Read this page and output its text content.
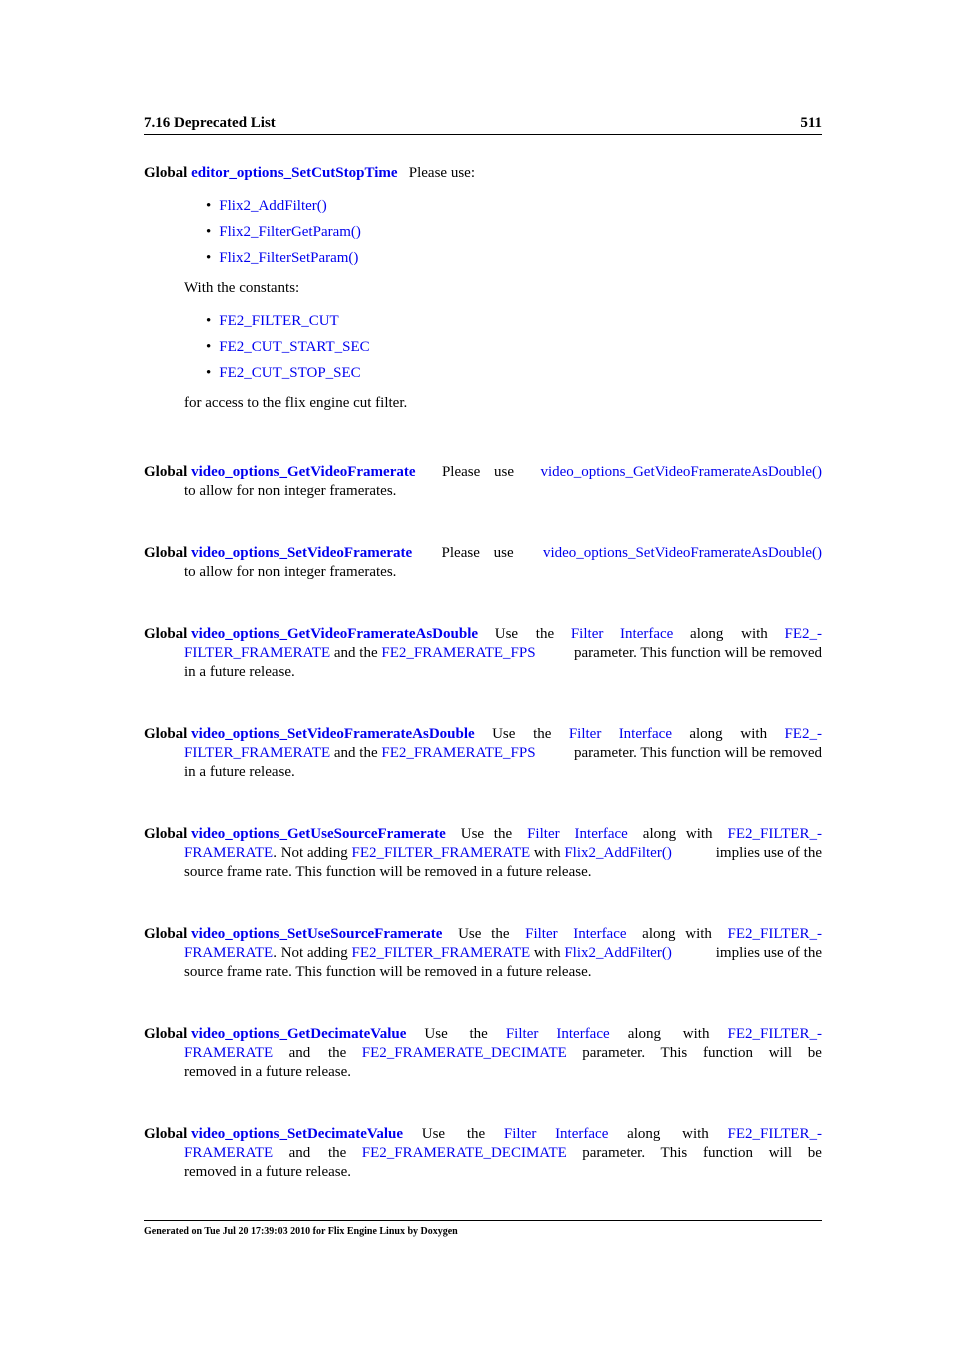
7.16 Deprecated List	511

Global editor_options_SetCutStopTime Please use:

• Flix2_AddFilter()
• Flix2_FilterGetParam()
• Flix2_FilterSetParam()

With the constants:

• FE2_FILTER_CUT
• FE2_CUT_START_SEC
• FE2_CUT_STOP_SEC

for access to the flix engine cut filter.

Global video_options_GetVideoFramerate Please use video_options_GetVideoFramerateAsDouble()

to allow for non integer framerates.

Global video_options_SetVideoFramerate Please use video_options_SetVideoFramerateAsDouble()

to allow for non integer framerates.

Global video_options_GetVideoFramerateAsDouble Use the Filter Interface along with FE2_-

FILTER_FRAMERATE and the FE2_FRAMERATE_FPS	parameter. This function will be removed

in a future release.

Global video_options_SetVideoFramerateAsDouble Use the Filter Interface along with FE2_-

FILTER_FRAMERATE and the FE2_FRAMERATE_FPS	parameter. This function will be removed

in a future release.

Global video_options_GetUseSourceFramerate Use the Filter Interface along with FE2_FILTER_-

FRAMERATE. Not adding FE2_FILTER_FRAMERATE with Flix2_AddFilter()	implies use of the

source frame rate. This function will be removed in a future release.

Global video_options_SetUseSourceFramerate Use the Filter Interface along with FE2_FILTER_-

FRAMERATE. Not adding FE2_FILTER_FRAMERATE with Flix2_AddFilter()	implies use of the

source frame rate. This function will be removed in a future release.

Global video_options_GetDecimateValue Use the Filter Interface along with FE2_FILTER_-

FRAMERATE and the FE2_FRAMERATE_DECIMATE parameter. This function will be

removed in a future release.

Global video_options_SetDecimateValue Use the Filter Interface along with FE2_FILTER_-

FRAMERATE and the FE2_FRAMERATE_DECIMATE parameter. This function will be

removed in a future release.

Generated on Tue Jul 20 17:39:03 2010 for Flix Engine Linux by Doxygen
